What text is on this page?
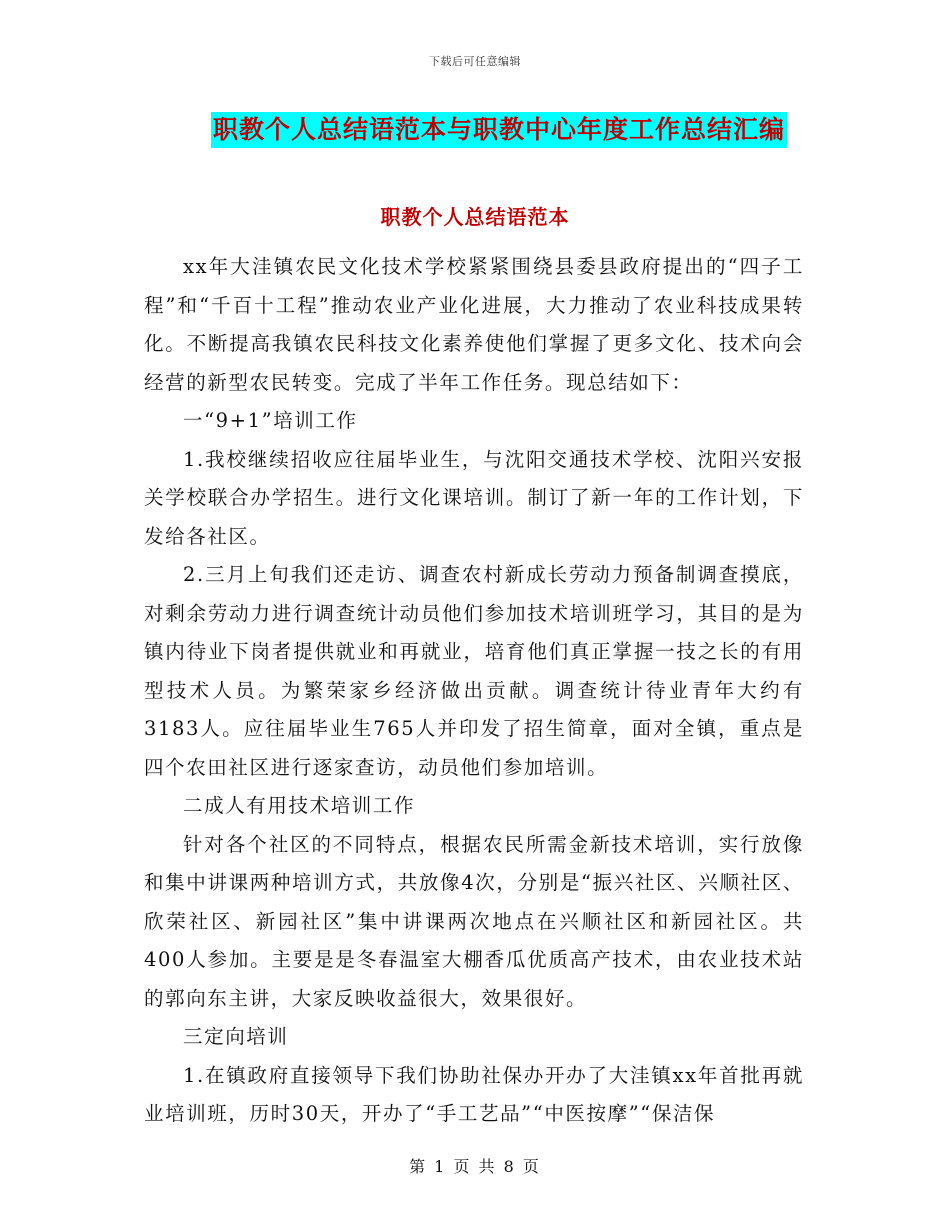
下载后可任意编辑
职教个人总结语范本与职教中心年度工作总结汇编
职教个人总结语范本

xx年大洼镇农民文化技术学校紧紧围绕县委县政府提出的“四子工程”和“千百十工程”推动农业产业化进展，大力推动了农业科技成果转化。不断提高我镇农民科技文化素养使他们掌握了更多文化、技术向会经营的新型农民转变。完成了半年工作任务。现总结如下：

一“9+1”培训工作

1.我校继续招收应往届毕业生，与沈阳交通技术学校、沈阳兴安报关学校联合办学招生。进行文化课培训。制订了新一年的工作计划，下发给各社区。

2.三月上旬我们还走访、调查农村新成长劳动力预备制调查摸底，对剩余劳动力进行调查统计动员他们参加技术培训班学习，其目的是为镇内待业下岗者提供就业和再就业，培育他们真正掌握一技之长的有用型技术人员。为繁荣家乡经济做出贡献。调查统计待业青年大约有3183人。应往届毕业生765人并印发了招生简章，面对全镇，重点是四个农田社区进行逐家查访，动员他们参加培训。

二成人有用技术培训工作

针对各个社区的不同特点，根据农民所需金新技术培训，实行放像和集中讲课两种培训方式，共放像4次，分别是“振兴社区、兴顺社区、欣荣社区、新园社区”集中讲课两次地点在兴顺社区和新园社区。共400人参加。主要是是冬春温室大棚香瓜优质高产技术，由农业技术站的郭向东主讲，大家反映收益很大，效果很好。

三定向培训

1.在镇政府直接领导下我们协助社保办开办了大洼镇xx年首批再就业培训班，历时30天，开办了“手工艺品”“中医按摩”“保洁保

第 1 页 共 8 页
